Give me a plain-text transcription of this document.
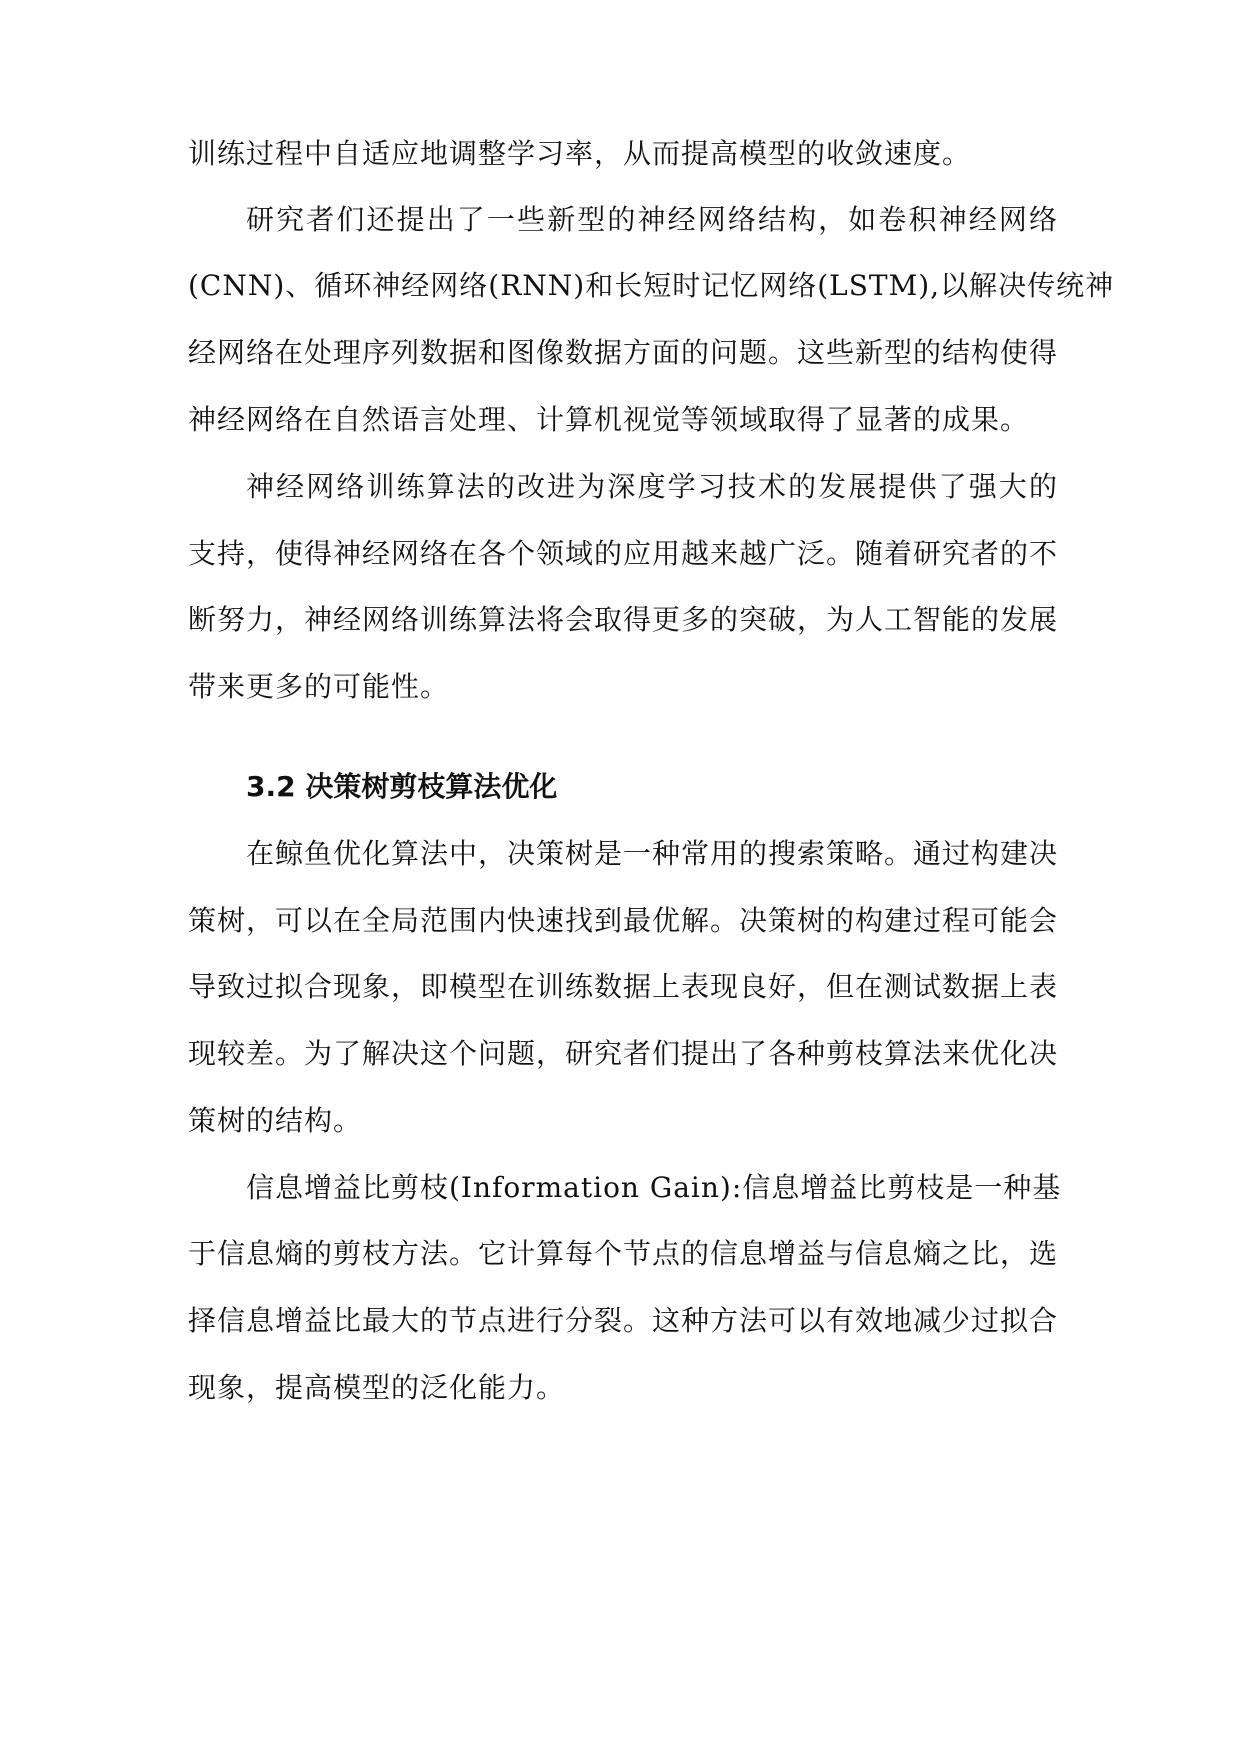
训练过程中自适应地调整学习率，从而提高模型的收敛速度。
研究者们还提出了一些新型的神经网络结构，如卷积神经网络
(CNN)、循环神经网络(RNN)和长短时记忆网络(LSTM),以解决传统神
经网络在处理序列数据和图像数据方面的问题。这些新型的结构使得
神经网络在自然语言处理、计算机视觉等领域取得了显著的成果。
神经网络训练算法的改进为深度学习技术的发展提供了强大的
支持，使得神经网络在各个领域的应用越来越广泛。随着研究者的不
断努力，神经网络训练算法将会取得更多的突破，为人工智能的发展
带来更多的可能性。
3.2 决策树剪枝算法优化
在鲸鱼优化算法中，决策树是一种常用的搜索策略。通过构建决
策树，可以在全局范围内快速找到最优解。决策树的构建过程可能会
导致过拟合现象，即模型在训练数据上表现良好，但在测试数据上表
现较差。为了解决这个问题，研究者们提出了各种剪枝算法来优化决
策树的结构。
信息增益比剪枝(Information Gain):信息增益比剪枝是一种基
于信息熵的剪枝方法。它计算每个节点的信息增益与信息熵之比，选
择信息增益比最大的节点进行分裂。这种方法可以有效地减少过拟合
现象，提高模型的泛化能力。
